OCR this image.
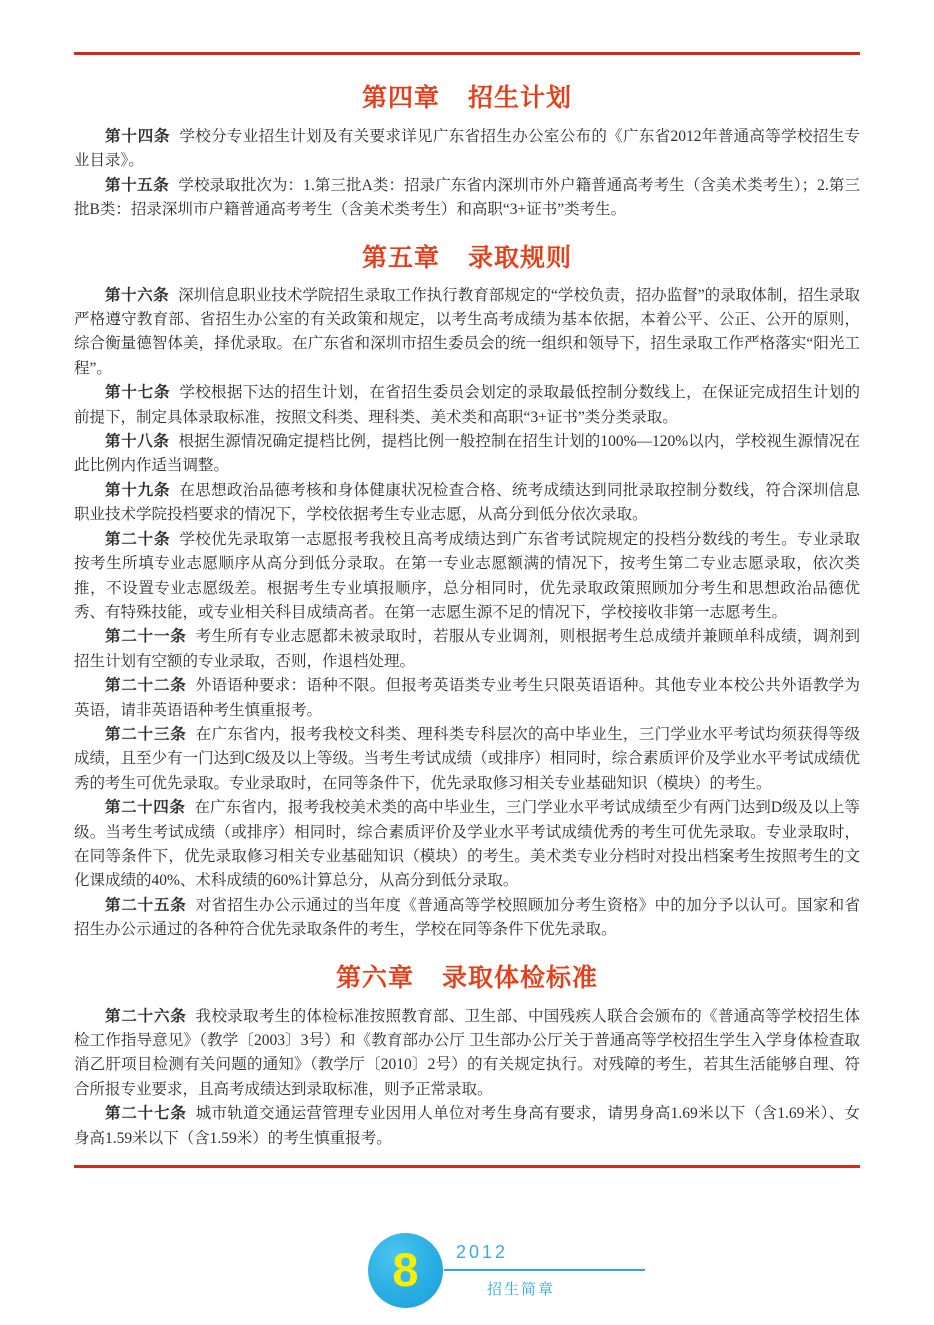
第四章 招生计划

第十四条 学校分专业招生计划及有关要求详见广东省招生办公室公布的《广东省2012年普通高等学校招生专业目录》。

第十五条 学校录取批次为：1.第三批A类：招录广东省内深圳市外户籍普通高考考生（含美术类考生）；2.第三批B类：招录深圳市户籍普通高考考生（含美术类考生）和高职“3+证书”类考生。

第五章 录取规则

第十六条 深圳信息职业技术学院招生录取工作执行教育部规定的“学校负责，招办监督”的录取体制，招生录取严格遵守教育部、省招生办公室的有关政策和规定，以考生高考成绩为基本依据，本着公平、公正、公开的原则，综合衡量德智体美，择优录取。在广东省和深圳市招生委员会的统一组织和领导下，招生录取工作严格落实“阳光工程”。

第十七条 学校根据下达的招生计划，在省招生委员会划定的录取最低控制分数线上，在保证完成招生计划的前提下，制定具体录取标准，按照文科类、理科类、美术类和高职“3+证书”类分类录取。

第十八条 根据生源情况确定提档比例，提档比例一般控制在招生计划的100%—120%以内，学校视生源情况在此比例内作适当调整。

第十九条 在思想政治品德考核和身体健康状况检查合格、统考成绩达到同批录取控制分数线，符合深圳信息职业技术学院投档要求的情况下，学校依据考生专业志愿，从高分到低分依次录取。

第二十条 学校优先录取第一志愿报考我校且高考成绩达到广东省考试院规定的投档分数线的考生。专业录取按考生所填专业志愿顺序从高分到低分录取。在第一专业志愿额满的情况下，按考生第二专业志愿录取，依次类推，不设置专业志愿级差。根据考生专业填报顺序，总分相同时，优先录取政策照顾加分考生和思想政治品德优秀、有特殊技能，或专业相关科目成绩高者。在第一志愿生源不足的情况下，学校接收非第一志愿考生。

第二十一条 考生所有专业志愿都未被录取时，若服从专业调剂，则根据考生总成绩并兼顾单科成绩，调剂到招生计划有空额的专业录取，否则，作退档处理。

第二十二条 外语语种要求：语种不限。但报考英语类专业考生只限英语语种。其他专业本校公共外语教学为英语，请非英语语种考生慎重报考。

第二十三条 在广东省内，报考我校文科类、理科类专科层次的高中毕业生，三门学业水平考试均须获得等级成绩，且至少有一门达到C级及以上等级。当考生考试成绩（或排序）相同时，综合素质评价及学业水平考试成绩优秀的考生可优先录取。专业录取时，在同等条件下，优先录取修习相关专业基础知识（模块）的考生。

第二十四条 在广东省内，报考我校美术类的高中毕业生，三门学业水平考试成绩至少有两门达到D级及以上等级。当考生考试成绩（或排序）相同时，综合素质评价及学业水平考试成绩优秀的考生可优先录取。专业录取时，在同等条件下，优先录取修习相关专业基础知识（模块）的考生。美术类专业分档时对投出档案考生按照考生的文化课成绩的40%、术科成绩的60%计算总分，从高分到低分录取。

第二十五条 对省招生办公示通过的当年度《普通高等学校照顾加分考生资格》中的加分予以认可。国家和省招生办公示通过的各种符合优先录取条件的考生，学校在同等条件下优先录取。

第六章 录取体检标准

第二十六条 我校录取考生的体检标准按照教育部、卫生部、中国残疾人联合会颁布的《普通高等学校招生体检工作指导意见》（教学〔2003〕3号）和《教育部办公厅 卫生部办公厅关于普通高等学校招生学生入学身体检查取消乙肝项目检测有关问题的通知》（教学厅〔2010〕2号）的有关规定执行。对残障的考生，若其生活能够自理、符合所报专业要求，且高考成绩达到录取标准，则予正常录取。

第二十七条 城市轨道交通运营管理专业因用人单位对考生身高有要求，请男身高1.69米以下（含1.69米）、女身高1.59米以下（含1.59米）的考生慎重报考。

8 2012
招生简章
